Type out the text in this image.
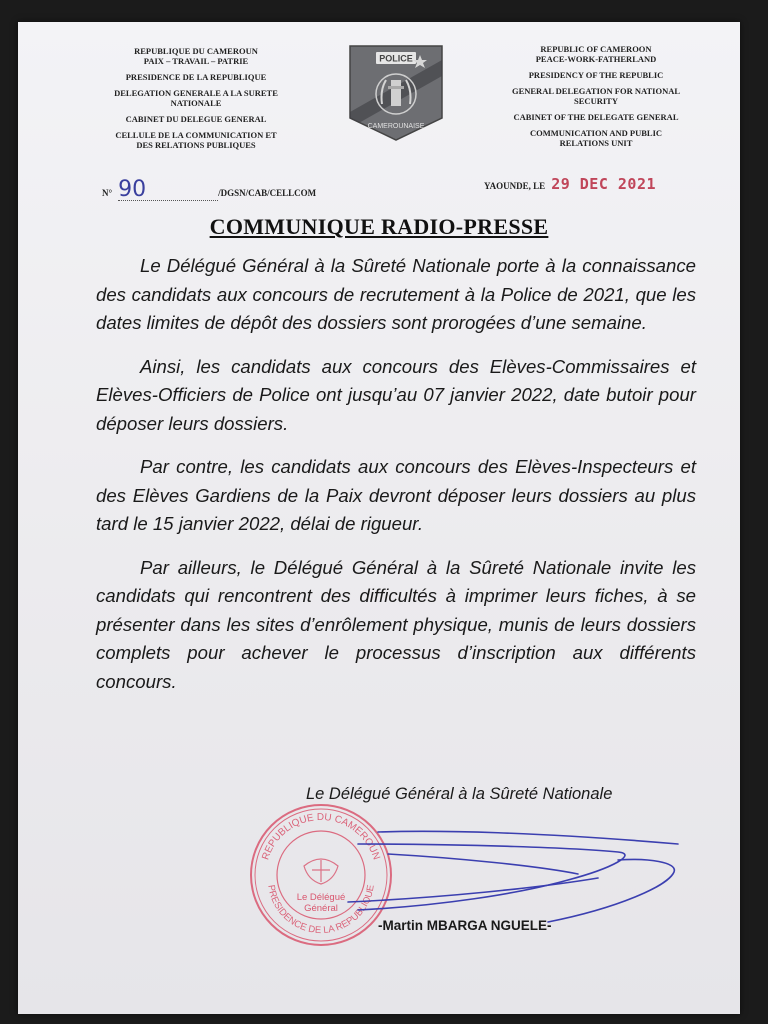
REPUBLIQUE DU CAMEROUN
PAIX – TRAVAIL – PATRIE
PRESIDENCE DE LA REPUBLIQUE
DELEGATION GENERALE A LA SURETE
NATIONALE
CABINET DU DELEGUE GENERAL
CELLULE DE LA COMMUNICATION ET
DES RELATIONS PUBLIQUES
POLICE
CAMEROUNAISE
REPUBLIC OF CAMEROON
PEACE-WORK-FATHERLAND
PRESIDENCY OF THE REPUBLIC
GENERAL DELEGATION FOR NATIONAL
SECURITY
CABINET OF THE DELEGATE GENERAL
COMMUNICATION AND PUBLIC
RELATIONS UNIT
N° 90	/DGSN/CAB/CELLCOM
YAOUNDE, LE 29 DEC 2021
COMMUNIQUE RADIO-PRESSE

Le Délégué Général à la Sûreté Nationale porte à la connaissance des candidats aux concours de recrutement à la Police de 2021, que les dates limites de dépôt des dossiers sont prorogées d’une semaine.

Ainsi, les candidats aux concours des Elèves-Commissaires et Elèves-Officiers de Police ont jusqu’au 07 janvier 2022, date butoir pour déposer leurs dossiers.

Par contre, les candidats aux concours des Elèves-Inspecteurs et des Elèves Gardiens de la Paix devront déposer leurs dossiers au plus tard le 15 janvier 2022, délai de rigueur.

Par ailleurs, le Délégué Général à la Sûreté Nationale invite les candidats qui rencontrent des difficultés à imprimer leurs fiches, à se présenter dans les sites d’enrôlement physique, munis de leurs dossiers complets pour achever le processus d’inscription aux différents concours.

Le Délégué Général à la Sûreté Nationale
REPUBLIQUE DU CAMEROUN
PRESIDENCE DE LA REPUBLIQUE
Le Délégué
Général
-Martin MBARGA NGUELE-
